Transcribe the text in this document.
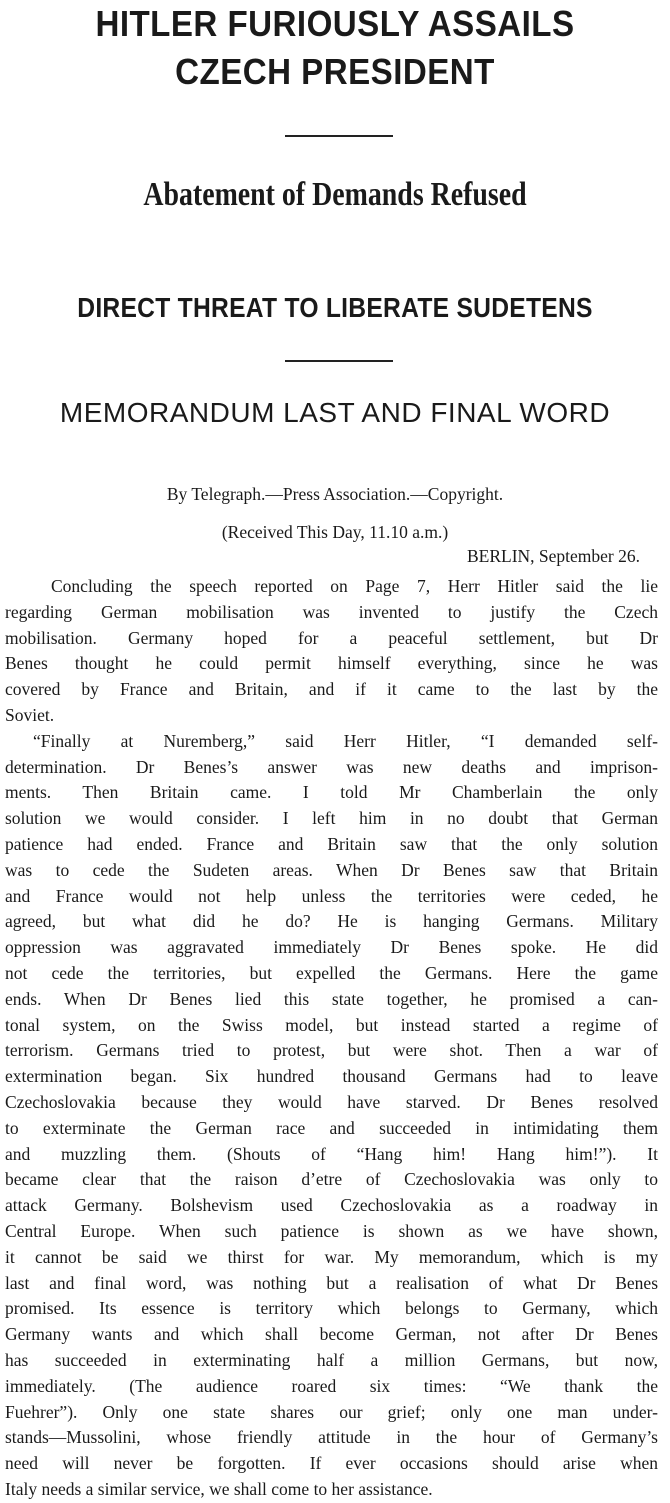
HITLER FURIOUSLY ASSAILS
CZECH PRESIDENT
Abatement of Demands Refused
DIRECT THREAT TO LIBERATE SUDETENS
MEMORANDUM LAST AND FINAL WORD
By Telegraph.—Press Association.—Copyright.
(Received This Day, 11.10 a.m.)
BERLIN, September 26.
Concluding the speech reported on Page 7, Herr Hitler said the lie
regarding German mobilisation was invented to justify the Czech
mobilisation. Germany hoped for a peaceful settlement, but Dr
Benes thought he could permit himself everything, since he was
covered by France and Britain, and if it came to the last by the
Soviet.
“Finally at Nuremberg,” said Herr Hitler, “I demanded self-
determination. Dr Benes’s answer was new deaths and imprison-
ments. Then Britain came. I told Mr Chamberlain the only
solution we would consider. I left him in no doubt that German
patience had ended. France and Britain saw that the only solution
was to cede the Sudeten areas. When Dr Benes saw that Britain
and France would not help unless the territories were ceded, he
agreed, but what did he do? He is hanging Germans. Military
oppression was aggravated immediately Dr Benes spoke. He did
not cede the territories, but expelled the Germans. Here the game
ends. When Dr Benes lied this state together, he promised a can-
tonal system, on the Swiss model, but instead started a regime of
terrorism. Germans tried to protest, but were shot. Then a war of
extermination began. Six hundred thousand Germans had to leave
Czechoslovakia because they would have starved. Dr Benes resolved
to exterminate the German race and succeeded in intimidating them
and muzzling them. (Shouts of “Hang him! Hang him!”). It
became clear that the raison d’etre of Czechoslovakia was only to
attack Germany. Bolshevism used Czechoslovakia as a roadway in
Central Europe. When such patience is shown as we have shown,
it cannot be said we thirst for war. My memorandum, which is my
last and final word, was nothing but a realisation of what Dr Benes
promised. Its essence is territory which belongs to Germany, which
Germany wants and which shall become German, not after Dr Benes
has succeeded in exterminating half a million Germans, but now,
immediately. (The audience roared six times: “We thank the
Fuehrer”). Only one state shares our grief; only one man under-
stands—Mussolini, whose friendly attitude in the hour of Germany’s
need will never be forgotten. If ever occasions should arise when
Italy needs a similar service, we shall come to her assistance.
